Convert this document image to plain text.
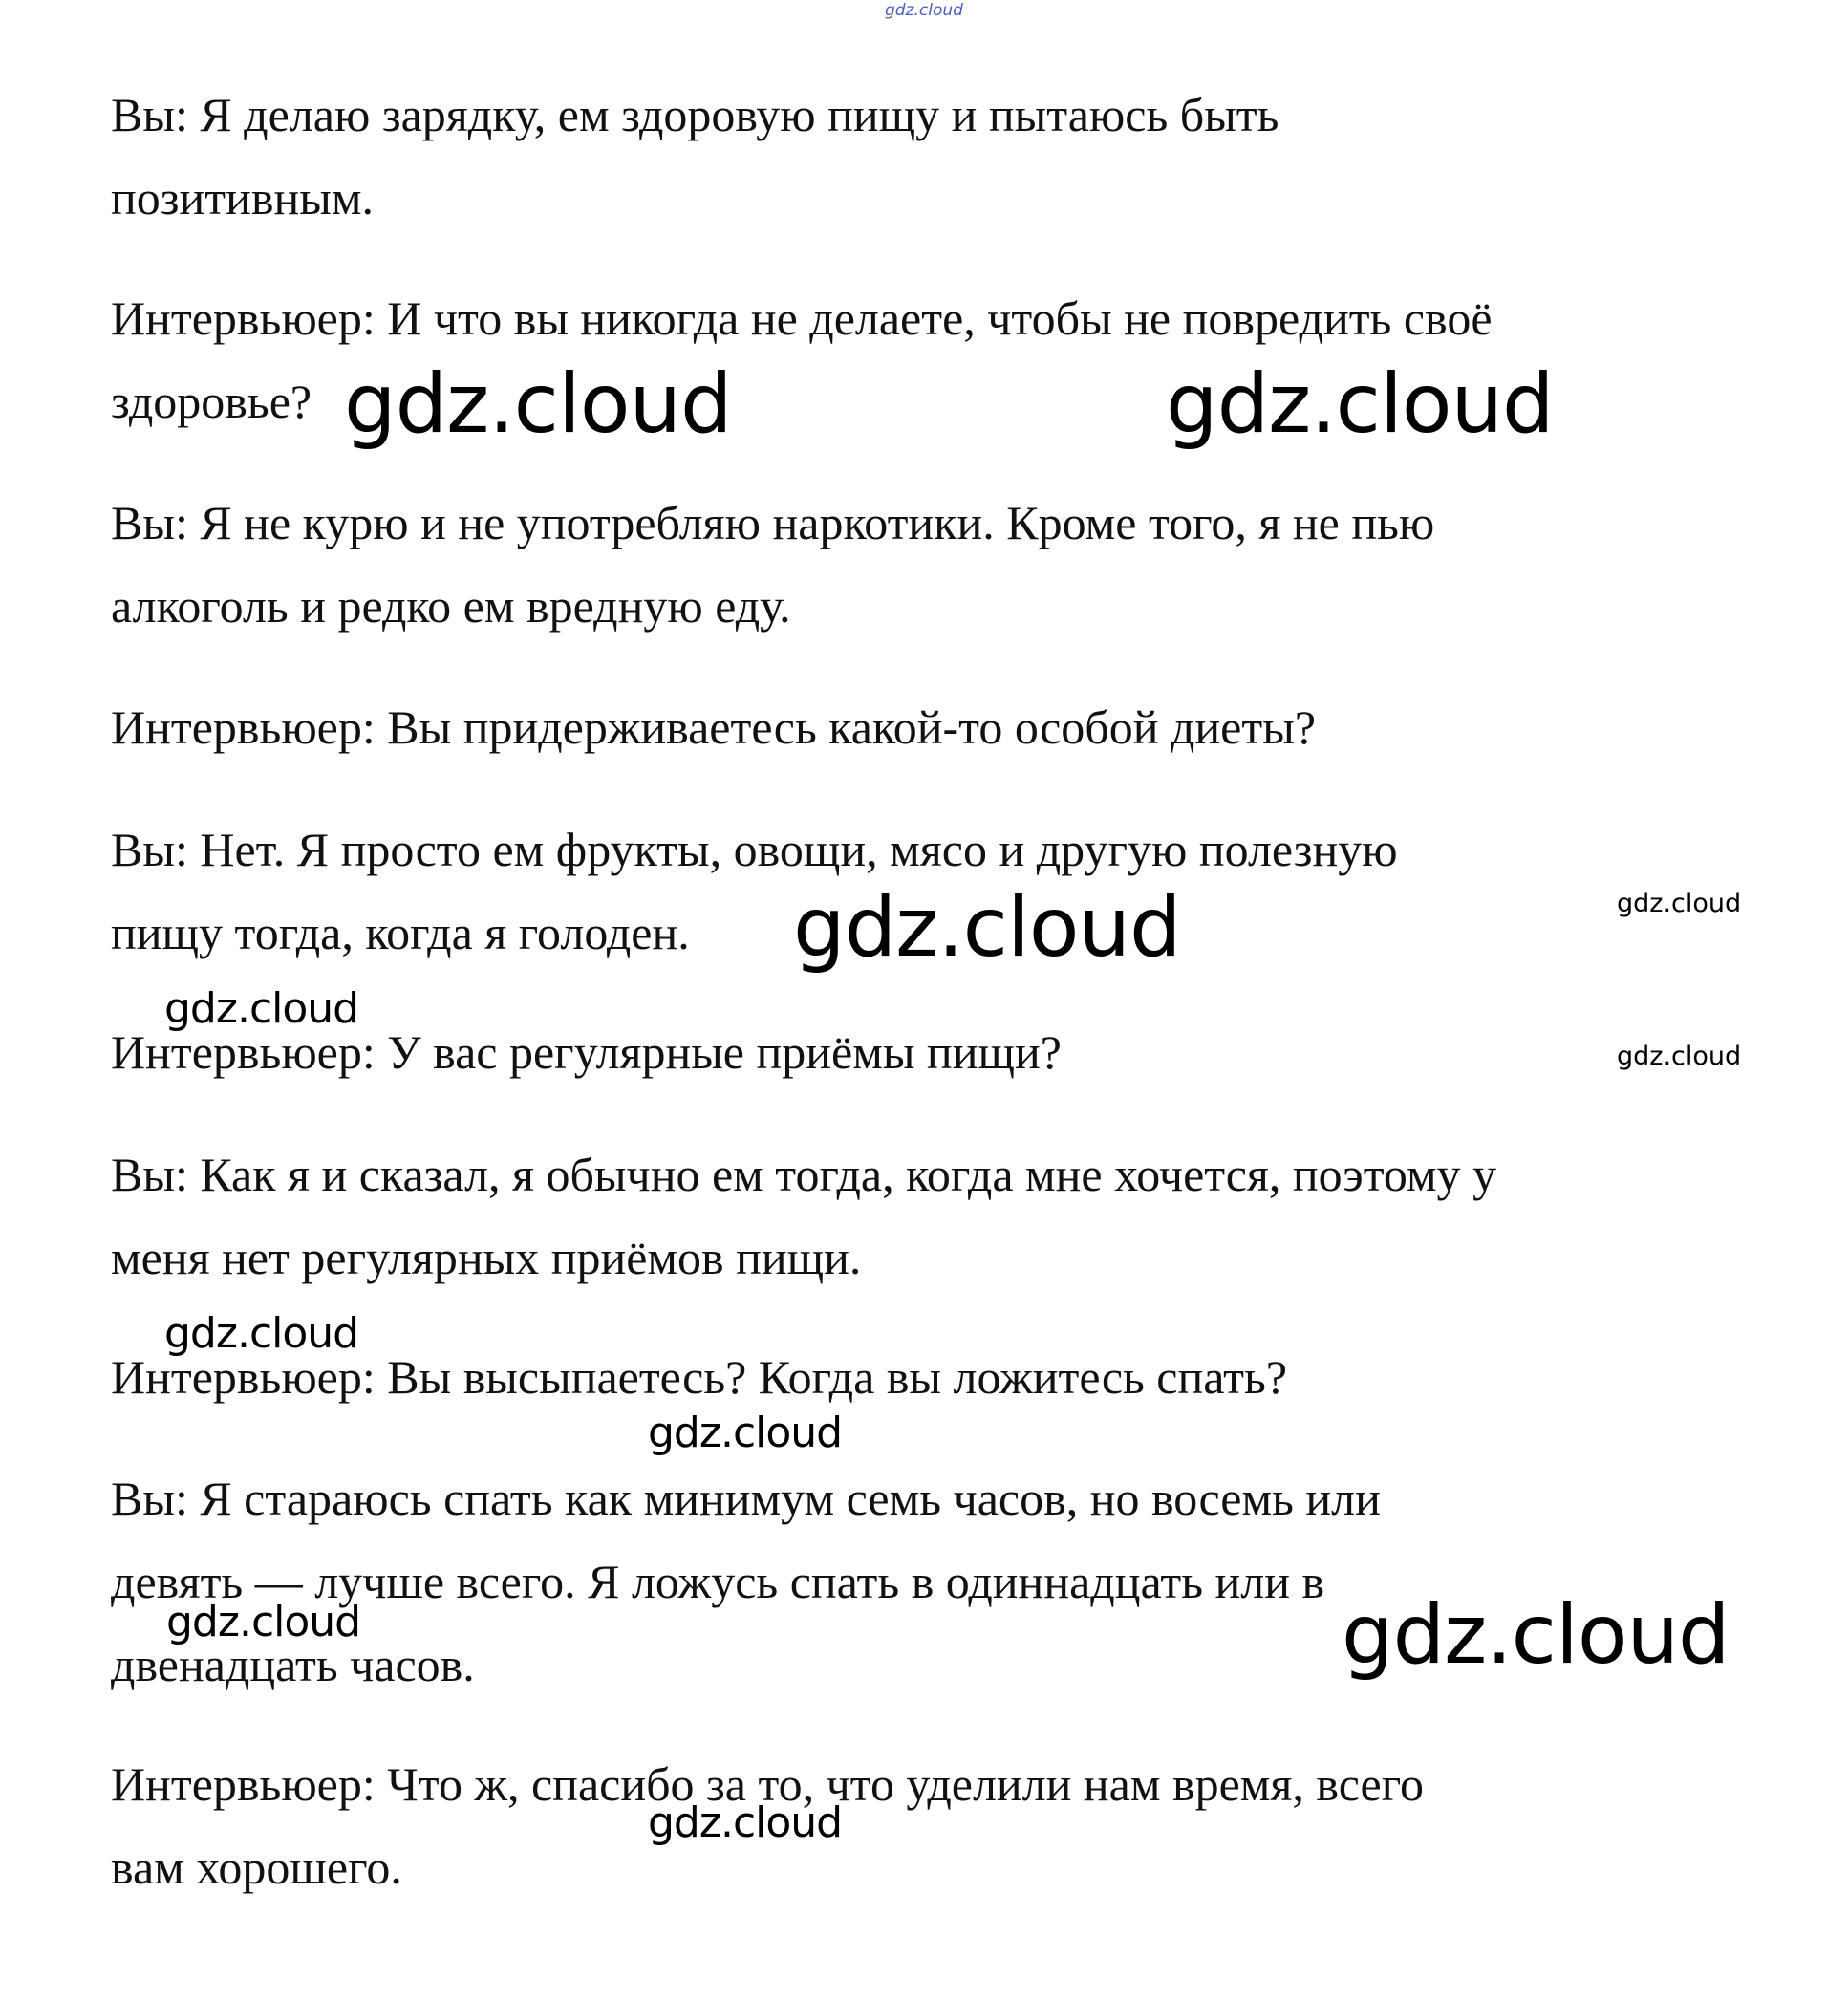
gdz.cloud

Вы: Я делаю зарядку, ем здоровую пищу и пытаюсь быть
позитивным.

Интервьюер: И что вы никогда не делаете, чтобы не повредить своё
здоровье?

Вы: Я не курю и не употребляю наркотики. Кроме того, я не пью
алкоголь и редко ем вредную еду.

Интервьюер: Вы придерживаетесь какой-то особой диеты?

Вы: Нет. Я просто ем фрукты, овощи, мясо и другую полезную
пищу тогда, когда я голоден.

Интервьюер: У вас регулярные приёмы пищи?

Вы: Как я и сказал, я обычно ем тогда, когда мне хочется, поэтому у
меня нет регулярных приёмов пищи.

Интервьюер: Вы высыпаетесь? Когда вы ложитесь спать?

Вы: Я стараюсь спать как минимум семь часов, но восемь или
девять — лучше всего. Я ложусь спать в одиннадцать или в
двенадцать часов.

Интервьюер: Что ж, спасибо за то, что уделили нам время, всего
вам хорошего.

gdz.cloud	gdz.cloud
gdz.cloud	gdz.cloud
gdz.cloud
gdz.cloud
gdz.cloud
gdz.cloud
gdz.cloud	gdz.cloud
gdz.cloud
